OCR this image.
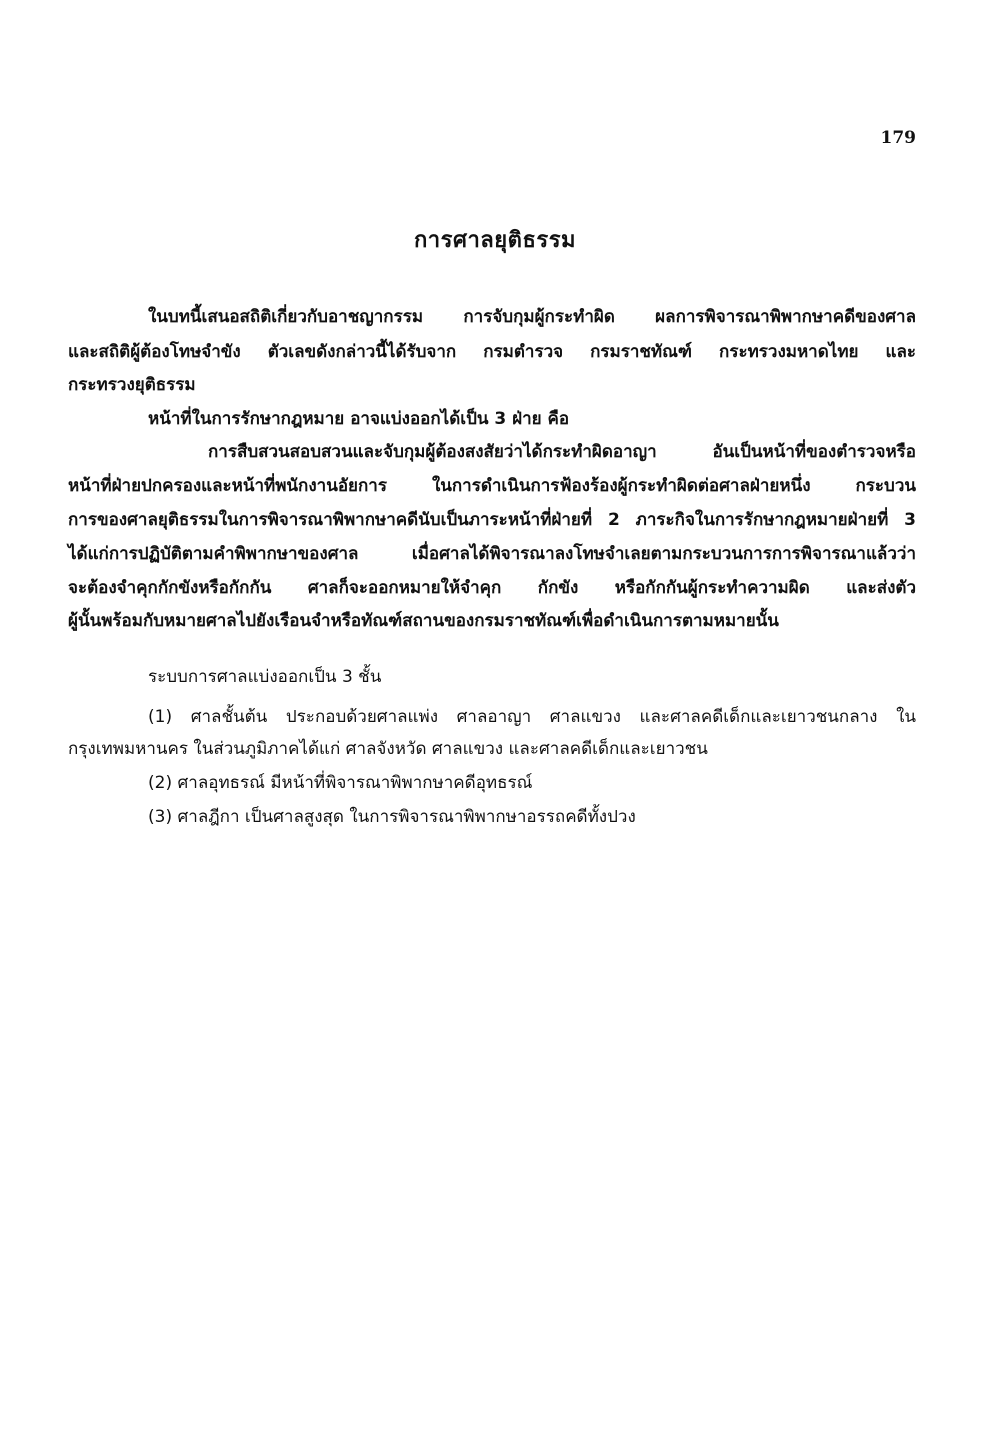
179
การศาลยุติธรรม
ในบทนี้เสนอสถิติเกี่ยวกับอาชญากรรม การจับกุมผู้กระทำผิด ผลการพิจารณาพิพากษาคดีของศาล
และสถิติผู้ต้องโทษจำขัง ตัวเลขดังกล่าวนี้ได้รับจาก กรมตำรวจ กรมราชทัณฑ์ กระทรวงมหาดไทย และ
กระทรวงยุติธรรม
หน้าที่ในการรักษากฎหมาย อาจแบ่งออกได้เป็น 3 ฝ่าย คือ
การสืบสวนสอบสวนและจับกุมผู้ต้องสงสัยว่าได้กระทำผิดอาญา อันเป็นหน้าที่ของตำรวจหรือ
หน้าที่ฝ่ายปกครองและหน้าที่พนักงานอัยการ ในการดำเนินการฟ้องร้องผู้กระทำผิดต่อศาลฝ่ายหนึ่ง กระบวน
การของศาลยุติธรรมในการพิจารณาพิพากษาคดีนับเป็นภาระหน้าที่ฝ่ายที่ 2 ภาระกิจในการรักษากฎหมายฝ่ายที่ 3
ได้แก่การปฏิบัติตามคำพิพากษาของศาล เมื่อศาลได้พิจารณาลงโทษจำเลยตามกระบวนการการพิจารณาแล้วว่า
จะต้องจำคุกกักขังหรือกักกัน ศาลก็จะออกหมายให้จำคุก กักขัง หรือกักกันผู้กระทำความผิด และส่งตัว
ผู้นั้นพร้อมกับหมายศาลไปยังเรือนจำหรือทัณฑ์สถานของกรมราชทัณฑ์เพื่อดำเนินการตามหมายนั้น
ระบบการศาลแบ่งออกเป็น 3 ชั้น
(1) ศาลชั้นต้น ประกอบด้วยศาลแพ่ง ศาลอาญา ศาลแขวง และศาลคดีเด็กและเยาวชนกลาง ใน
กรุงเทพมหานคร ในส่วนภูมิภาคได้แก่ ศาลจังหวัด ศาลแขวง และศาลคดีเด็กและเยาวชน
(2) ศาลอุทธรณ์ มีหน้าที่พิจารณาพิพากษาคดีอุทธรณ์
(3) ศาลฎีกา เป็นศาลสูงสุด ในการพิจารณาพิพากษาอรรถคดีทั้งปวง
